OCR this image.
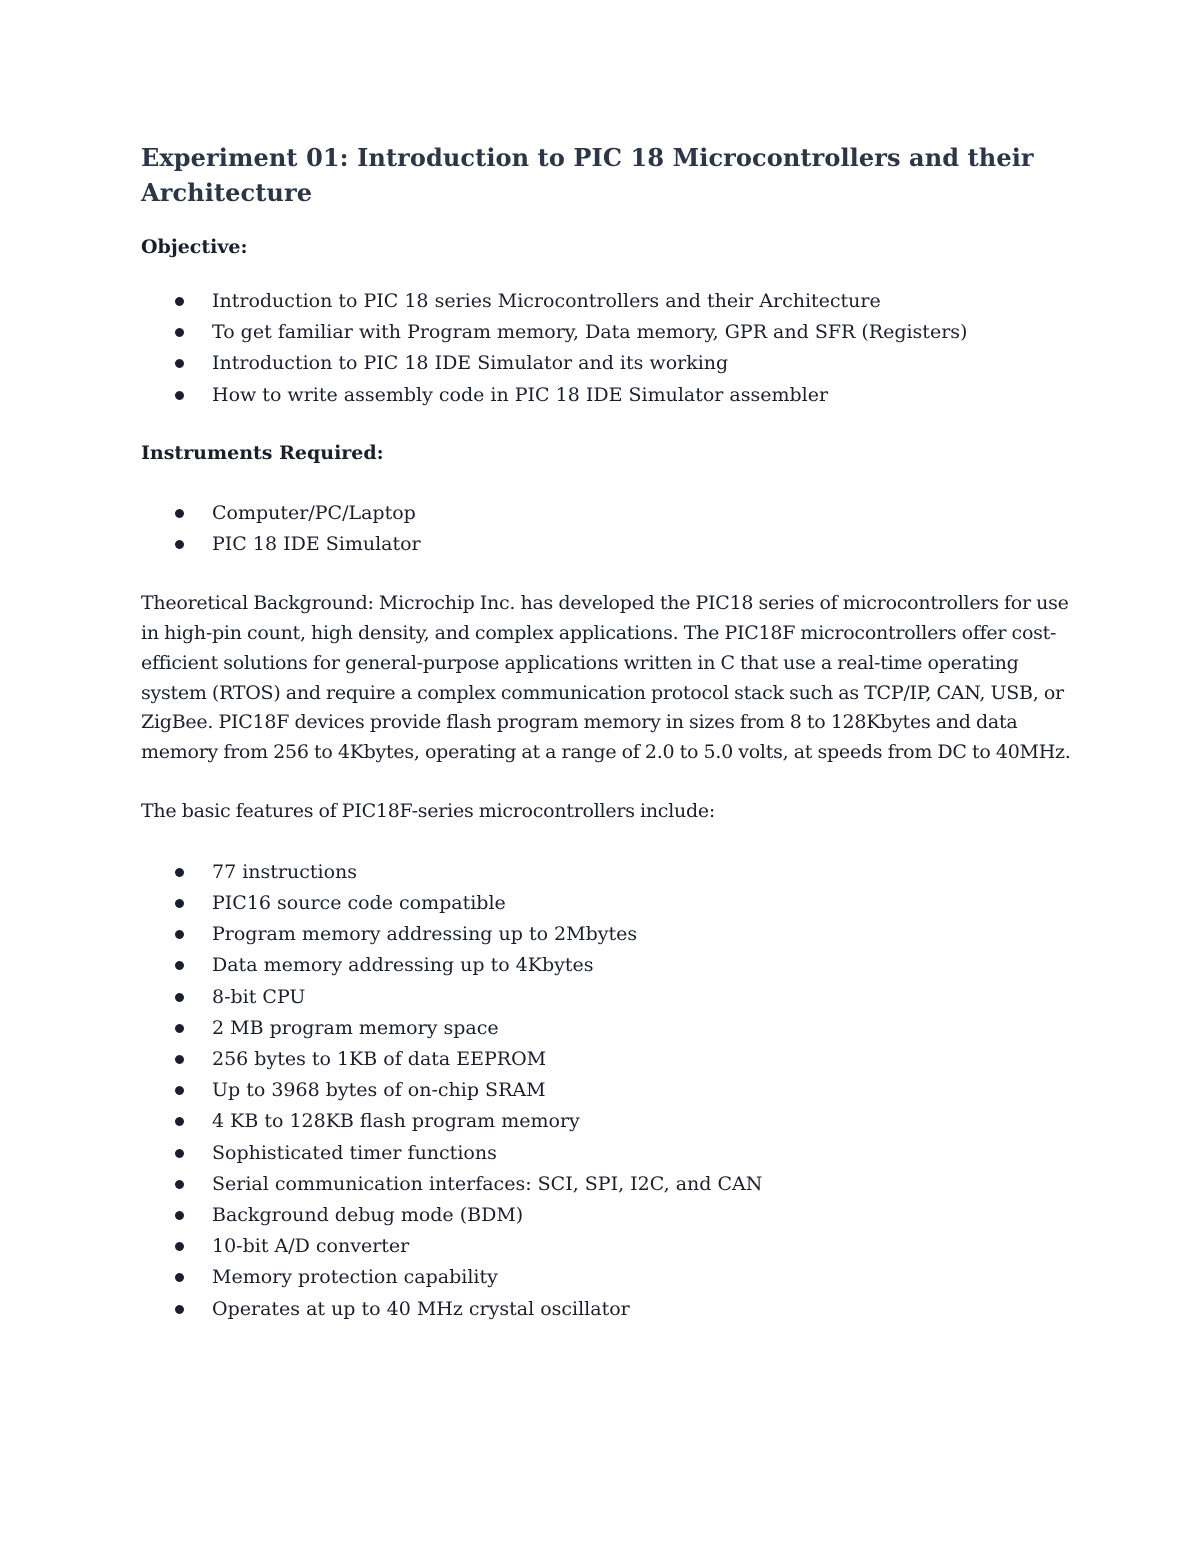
Experiment 01: Introduction to PIC 18 Microcontrollers and their Architecture
Objective:
Introduction to PIC 18 series Microcontrollers and their Architecture
To get familiar with Program memory, Data memory, GPR and SFR (Registers)
Introduction to PIC 18 IDE Simulator and its working
How to write assembly code in PIC 18 IDE Simulator assembler
Instruments Required:
Computer/PC/Laptop
PIC 18 IDE Simulator

Theoretical Background: Microchip Inc. has developed the PIC18 series of microcontrollers for use in high-pin count, high density, and complex applications. The PIC18F microcontrollers offer cost-efficient solutions for general-purpose applications written in C that use a real-time operating system (RTOS) and require a complex communication protocol stack such as TCP/IP, CAN, USB, or ZigBee. PIC18F devices provide flash program memory in sizes from 8 to 128Kbytes and data memory from 256 to 4Kbytes, operating at a range of 2.0 to 5.0 volts, at speeds from DC to 40MHz.

The basic features of PIC18F-series microcontrollers include:

77 instructions
PIC16 source code compatible
Program memory addressing up to 2Mbytes
Data memory addressing up to 4Kbytes
8-bit CPU
2 MB program memory space
256 bytes to 1KB of data EEPROM
Up to 3968 bytes of on-chip SRAM
4 KB to 128KB flash program memory
Sophisticated timer functions
Serial communication interfaces: SCI, SPI, I2C, and CAN
Background debug mode (BDM)
10-bit A/D converter
Memory protection capability
Operates at up to 40 MHz crystal oscillator
